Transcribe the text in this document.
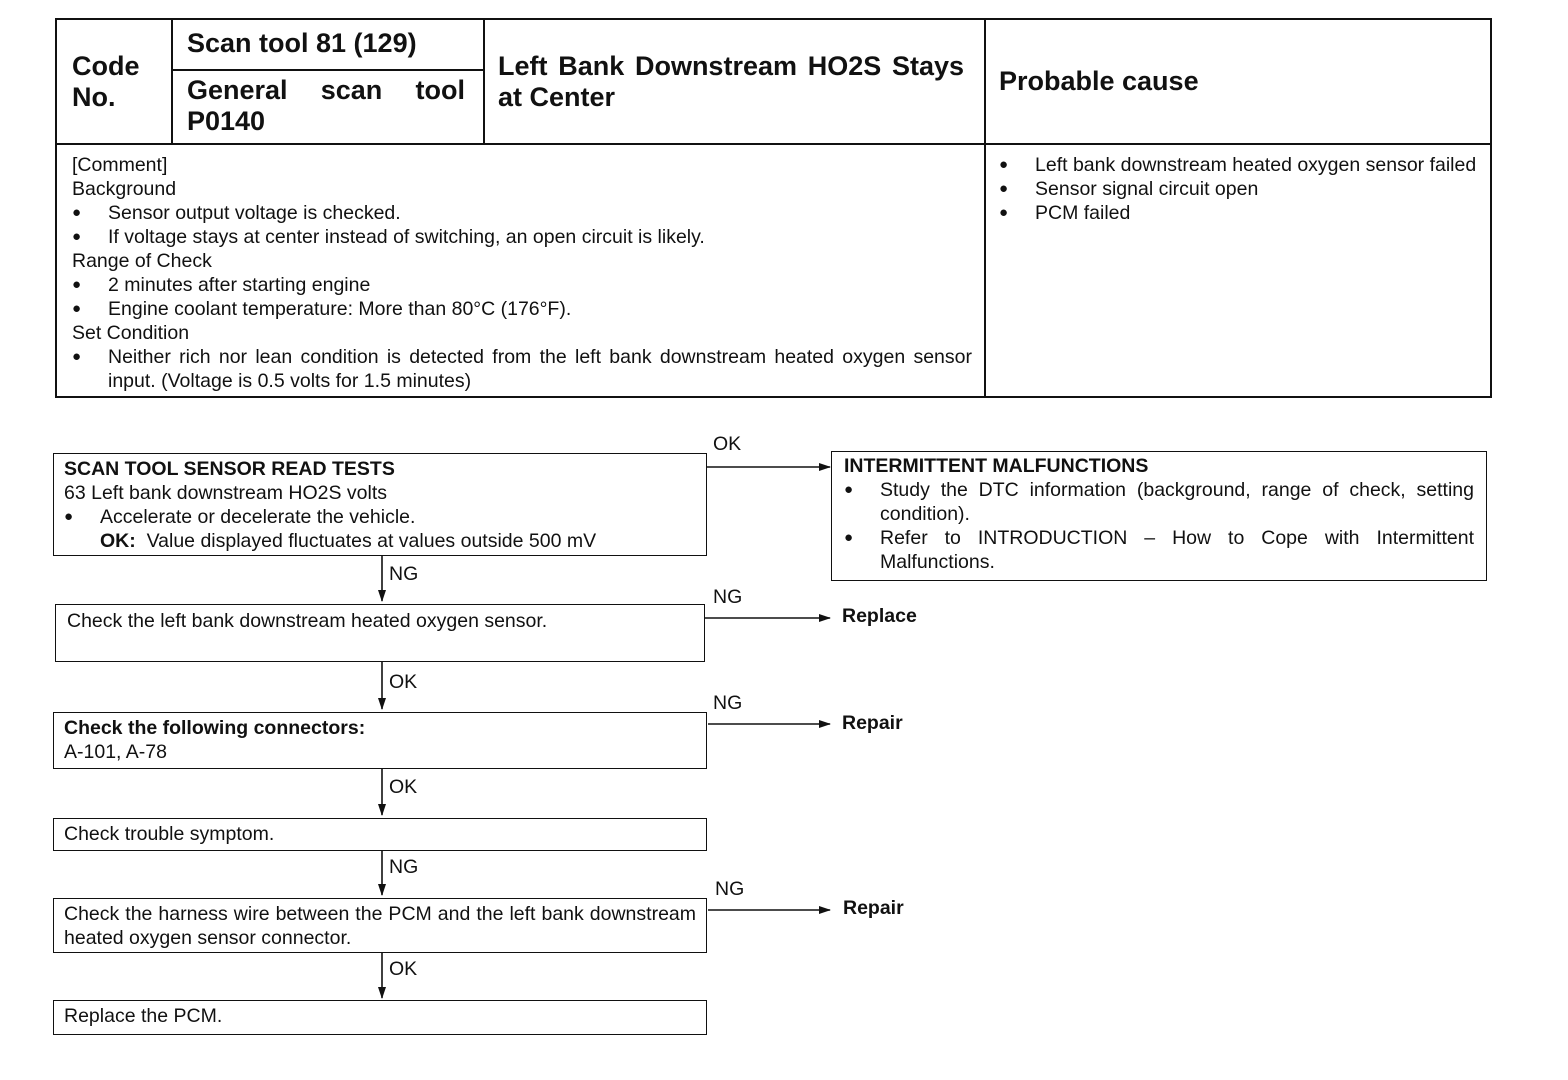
Code No.
Scan tool 81 (129)
General scan tool P0140
Left Bank Downstream HO2S Stays at Center
Probable cause
[Comment]
Background
● Sensor output voltage is checked.
● If voltage stays at center instead of switching, an open circuit is likely.
Range of Check
● 2 minutes after starting engine
● Engine coolant temperature: More than 80°C (176°F).
Set Condition
● Neither rich nor lean condition is detected from the left bank downstream heated oxygen sensor input. (Voltage is 0.5 volts for 1.5 minutes)
● Left bank downstream heated oxygen sensor failed
● Sensor signal circuit open
● PCM failed
SCAN TOOL SENSOR READ TESTS
63 Left bank downstream HO2S volts
● Accelerate or decelerate the vehicle.
OK: Value displayed fluctuates at values outside 500 mV
INTERMITTENT MALFUNCTIONS
● Study the DTC information (background, range of check, setting condition).
● Refer to INTRODUCTION – How to Cope with Intermittent Malfunctions.
Check the left bank downstream heated oxygen sensor.
Check the following connectors:
A-101, A-78
Check trouble symptom.
Check the harness wire between the PCM and the left bank downstream heated oxygen sensor connector.
Replace the PCM.
OK
NG
NG
OK
NG
OK
NG
NG
OK
Replace
Repair
Repair
